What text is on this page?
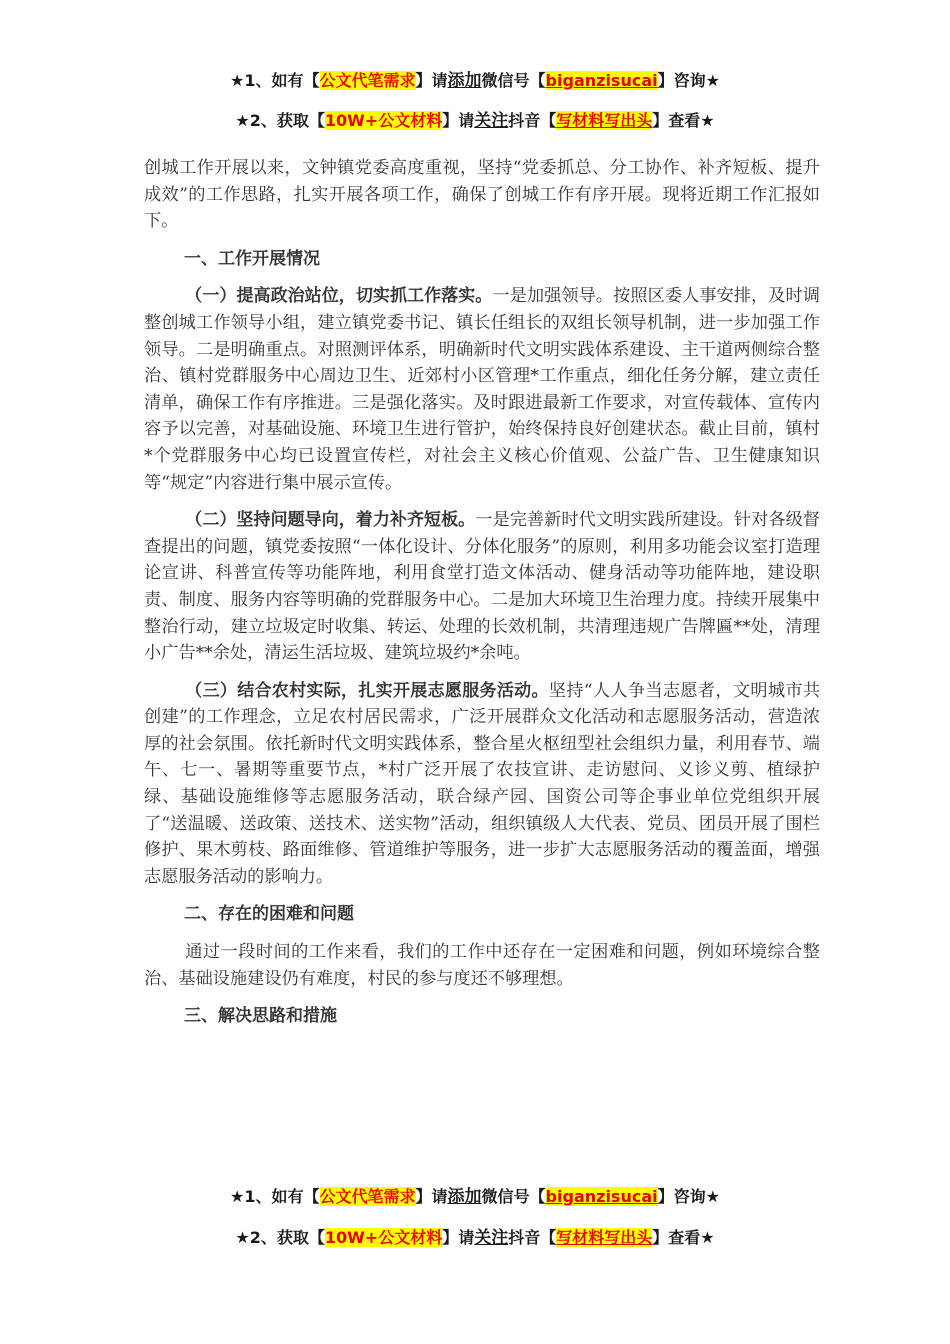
★1、如有【公文代笔需求】请添加微信号【biganzisucai】咨询★
★2、获取【10W+公文材料】请关注抖音【写材料写出头】查看★

创城工作开展以来，文钟镇党委高度重视，坚持“党委抓总、分工协作、补齐短板、提升成效”的工作思路，扎实开展各项工作，确保了创城工作有序开展。现将近期工作汇报如下。

一、工作开展情况

（一）提高政治站位，切实抓工作落实。一是加强领导。按照区委人事安排，及时调整创城工作领导小组，建立镇党委书记、镇长任组长的双组长领导机制，进一步加强工作领导。二是明确重点。对照测评体系，明确新时代文明实践体系建设、主干道两侧综合整治、镇村党群服务中心周边卫生、近郊村小区管理*工作重点，细化任务分解，建立责任清单，确保工作有序推进。三是强化落实。及时跟进最新工作要求，对宣传载体、宣传内容予以完善，对基础设施、环境卫生进行管护，始终保持良好创建状态。截止目前，镇村*个党群服务中心均已设置宣传栏，对社会主义核心价值观、公益广告、卫生健康知识等“规定”内容进行集中展示宣传。

（二）坚持问题导向，着力补齐短板。一是完善新时代文明实践所建设。针对各级督查提出的问题，镇党委按照“一体化设计、分体化服务”的原则，利用多功能会议室打造理论宣讲、科普宣传等功能阵地，利用食堂打造文体活动、健身活动等功能阵地，建设职责、制度、服务内容等明确的党群服务中心。二是加大环境卫生治理力度。持续开展集中整治行动，建立垃圾定时收集、转运、处理的长效机制，共清理违规广告牌匾**处，清理小广告**余处，清运生活垃圾、建筑垃圾约*余吨。

（三）结合农村实际，扎实开展志愿服务活动。坚持“人人争当志愿者，文明城市共创建”的工作理念，立足农村居民需求，广泛开展群众文化活动和志愿服务活动，营造浓厚的社会氛围。依托新时代文明实践体系，整合星火枢纽型社会组织力量，利用春节、端午、七一、暑期等重要节点，*村广泛开展了农技宣讲、走访慰问、义诊义剪、植绿护绿、基础设施维修等志愿服务活动，联合绿产园、国资公司等企事业单位党组织开展了“送温暖、送政策、送技术、送实物”活动，组织镇级人大代表、党员、团员开展了围栏修护、果木剪枝、路面维修、管道维护等服务，进一步扩大志愿服务活动的覆盖面，增强志愿服务活动的影响力。

二、存在的困难和问题

通过一段时间的工作来看，我们的工作中还存在一定困难和问题，例如环境综合整治、基础设施建设仍有难度，村民的参与度还不够理想。

三、解决思路和措施

★1、如有【公文代笔需求】请添加微信号【biganzisucai】咨询★
★2、获取【10W+公文材料】请关注抖音【写材料写出头】查看★
